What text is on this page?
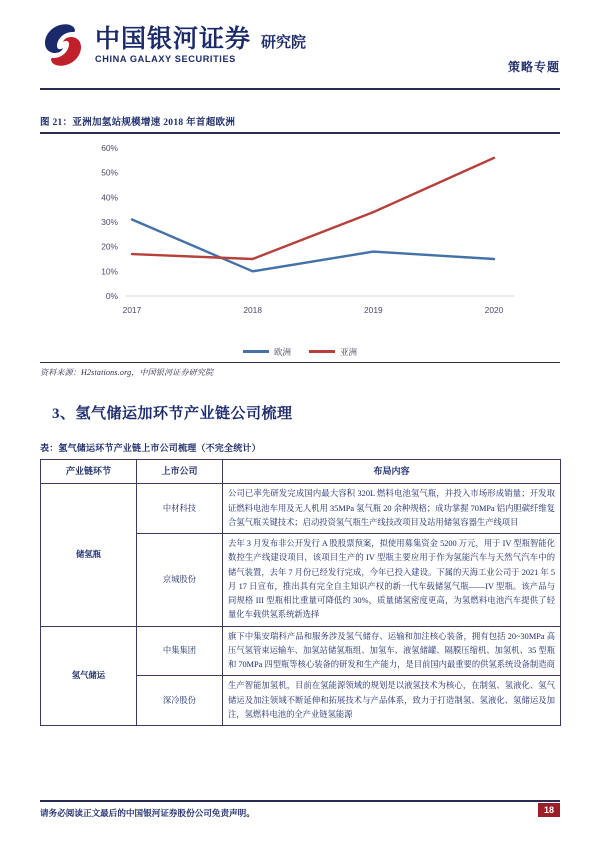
中国银河证券
CHINA GALAXY SECURITIES
研究院
策略专题
图 21：亚洲加氢站规模增速 2018 年首超欧洲
0%
10%
20%
30%
40%
50%
60%
2017	2018	2019	2020
欧洲	亚洲
资料来源：H2stations.org，中国银河证券研究院
3、氢气储运加环节产业链公司梳理
表：氢气储运环节产业链上市公司梳理（不完全统计）
产业链环节	上市公司	布局内容
储氢瓶	中材科技	公司已率先研发完成国内最大容积 320L 燃料电池氢气瓶，并投入市场形成销量；开发取证燃料电池车用及无人机用 35MPa 氢气瓶 20 余种规格；成功掌握 70MPa 铝内胆碳纤维复合氢气瓶关键技术；启动投资氢气瓶生产线技改项目及站用储氢容器生产线项目
	京城股份	去年 3 月发布非公开发行 A 股股票预案，拟使用募集资金 5200 万元，用于 IV 型瓶智能化数控生产线建设项目，该项目生产的 IV 型瓶主要应用于作为氢能汽车与天然气汽车中的储气装置，去年 7 月份已经发行完成，今年已投入建设。下属的天海工业公司于 2021 年 5 月 17 日宣布，推出具有完全自主知识产权的新一代车载储氢气瓶——IV 型瓶。该产品与同规格 III 型瓶相比重量可降低约 30%，质量储氢密度更高，为氢燃料电池汽车提供了轻量化车载供氢系统新选择
氢气储运	中集集团	旗下中集安瑞科产品和服务涉及氢气储存、运输和加注核心装备，拥有包括 20~30MPa 高压气氢管束运输车、加氢站储氢瓶组、加氢车、液氢储罐、隔膜压缩机、加氢机、35 型瓶和 70MPa 四型瓶等核心装备的研发和生产能力，是目前国内最重要的供氢系统设备制造商
	深冷股份	生产智能加氢机，目前在氢能源领域的规划是以液氢技术为核心，在制氢、氢液化、氢气储运及加注领域不断延伸和拓展技术与产品体系，致力于打造制氢、氢液化、氢储运及加注，氢燃料电池的全产业链氢能源
请务必阅读正文最后的中国银河证券股份公司免责声明。	18
